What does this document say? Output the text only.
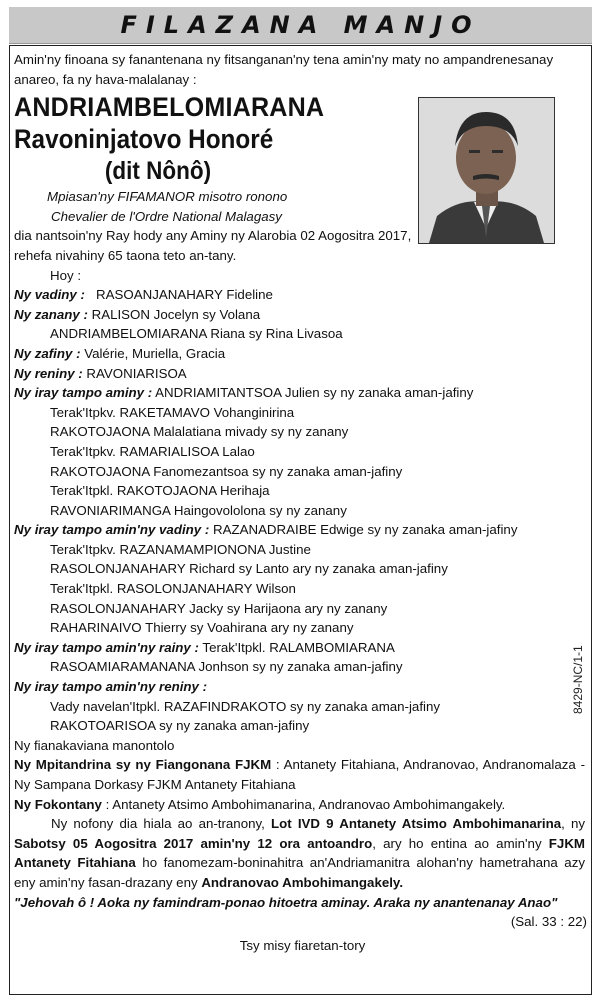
FILAZANA MANJO

Amin'ny finoana sy fanantenana ny fitsanganan'ny tena amin'ny maty no ampandrenesanay anareo, fa ny hava-malalanay :

ANDRIAMBELOMIARANA
Ravoninjatovo Honoré
(dit Nônô)

Mpiasan'ny FIFAMANOR misotro ronono

Chevalier de l'Ordre National Malagasy

dia nantsoin'ny Ray hody any Aminy ny Alarobia 02 Aogositra 2017,

rehefa nivahiny 65 taona teto an-tany.

Hoy :

Ny vadiny : RASOANJANAHARY Fideline

Ny zanany : RALISON Jocelyn sy Volana

ANDRIAMBELOMIARANA Riana sy Rina Livasoa

Ny zafiny : Valérie, Muriella, Gracia

Ny reniny : RAVONIARISOA

Ny iray tampo aminy : ANDRIAMITANTSOA Julien sy ny zanaka aman-jafiny

Terak'Itpkv. RAKETAMAVO Vohanginirina

RAKOTOJAONA Malalatiana mivady sy ny zanany

Terak'Itpkv. RAMARIALISOA Lalao

RAKOTOJAONA Fanomezantsoa sy ny zanaka aman-jafiny

Terak'Itpkl. RAKOTOJAONA Herihaja

RAVONIARIMANGA Haingovololona sy ny zanany

Ny iray tampo amin'ny vadiny : RAZANADRAIBE Edwige sy ny zanaka aman-jafiny

Terak'Itpkv. RAZANAMAMPIONONA Justine

RASOLONJANAHARY Richard sy Lanto ary ny zanaka aman-jafiny

Terak'Itpkl. RASOLONJANAHARY Wilson

RASOLONJANAHARY Jacky sy Harijaona ary ny zanany

RAHARINAIVO Thierry sy Voahirana ary ny zanany

Ny iray tampo amin'ny rainy : Terak'Itpkl. RALAMBOMIARANA

RASOAMIARAMANANA Jonhson sy ny zanaka aman-jafiny

Ny iray tampo amin'ny reniny :

Vady navelan'Itpkl. RAZAFINDRAKOTO sy ny zanaka aman-jafiny

RAKOTOARISOA sy ny zanaka aman-jafiny

Ny fianakaviana manontolo

Ny Mpitandrina sy ny Fiangonana FJKM : Antanety Fitahiana, Andranovao, Andranomalaza - Ny Sampana Dorkasy FJKM Antanety Fitahiana

Ny Fokontany : Antanety Atsimo Ambohimanarina, Andranovao Ambohimangakely.

Ny nofony dia hiala ao an-tranony, Lot IVD 9 Antanety Atsimo Ambohimanarina, ny Sabotsy 05 Aogositra 2017 amin'ny 12 ora antoandro, ary ho entina ao amin'ny FJKM Antanety Fitahiana ho fanomezam-boninahitra an'Andriamanitra alohan'ny hametrahana azy eny amin'ny fasan-drazany eny Andranovao Ambohimangakely.

"Jehovah ô ! Aoka ny famindram-ponao hitoetra aminay. Araka ny anantenanay Anao"

(Sal. 33 : 22)

Tsy misy fiaretan-tory

8429-NC/1-1
